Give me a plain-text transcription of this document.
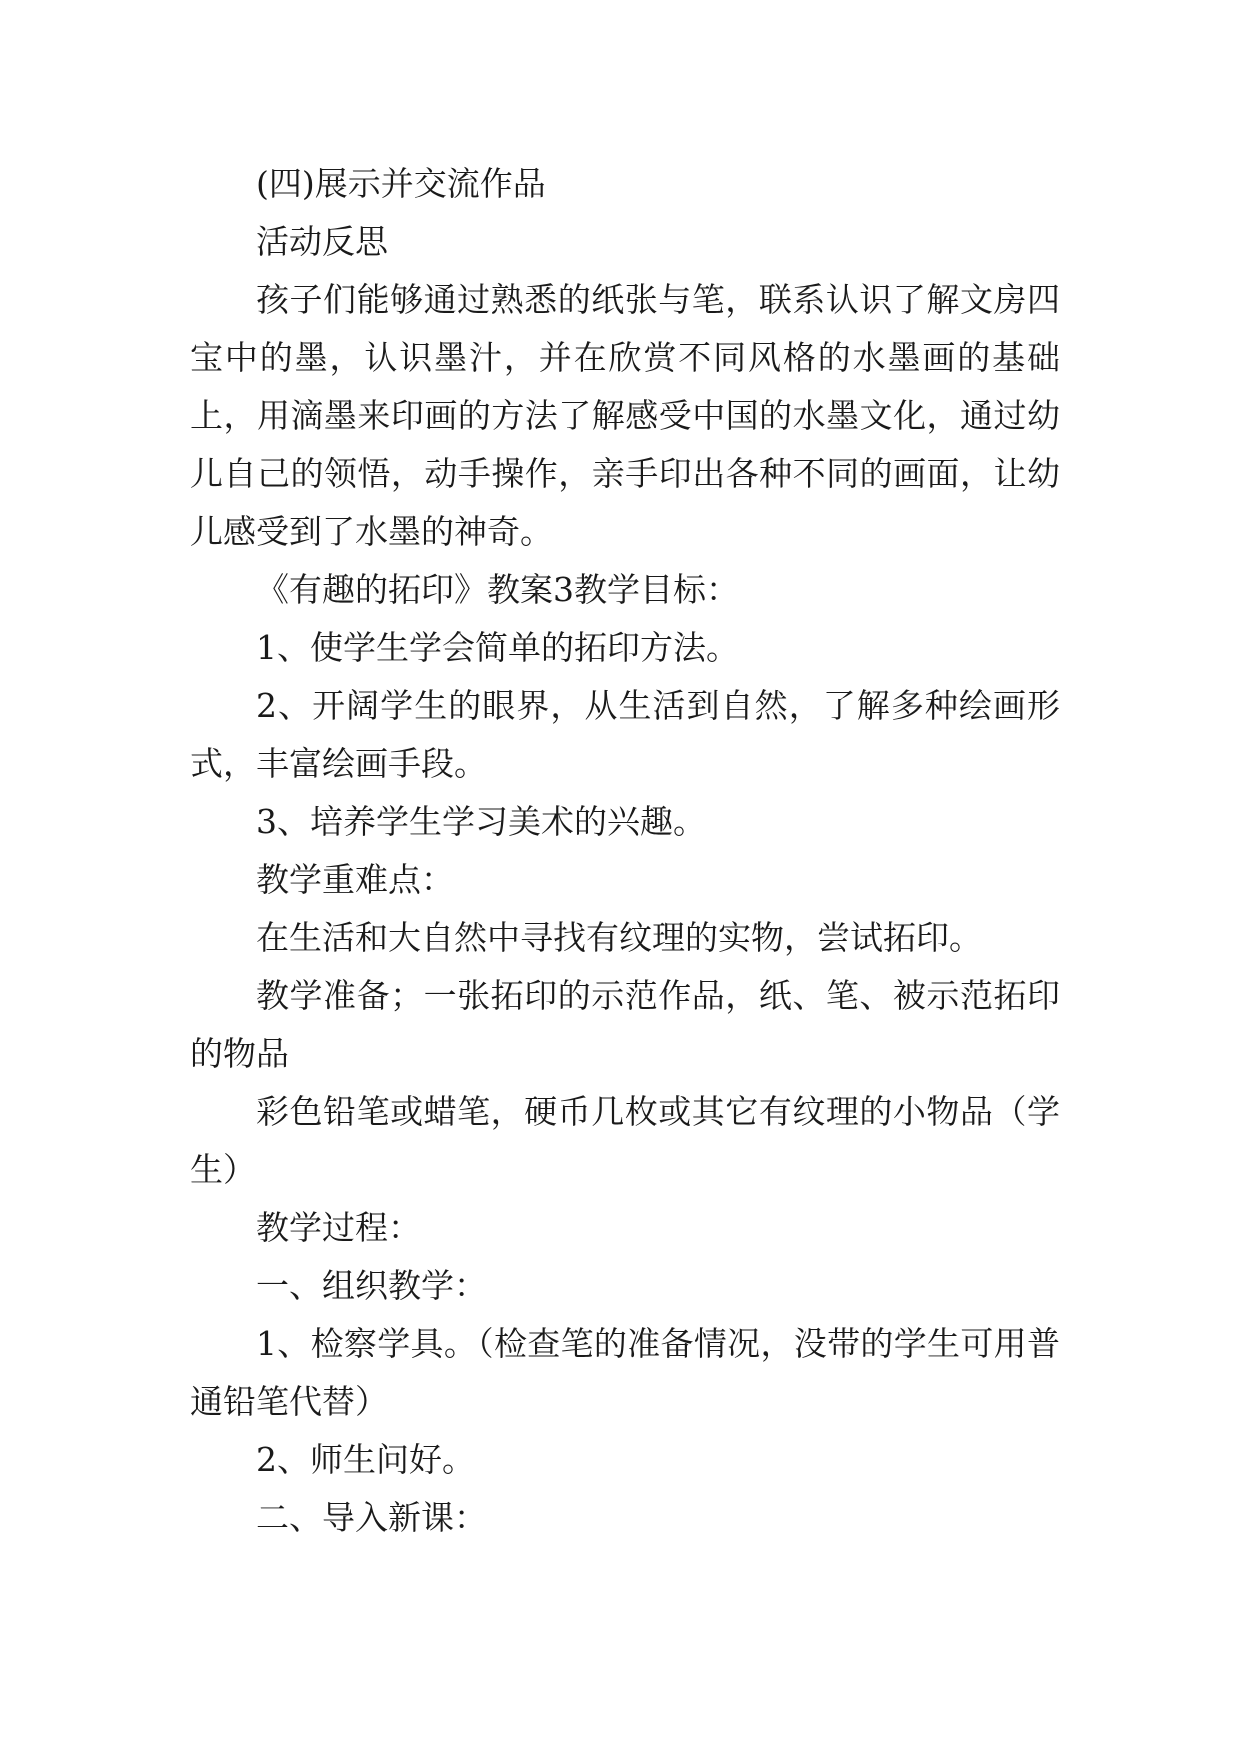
(四)展示并交流作品

活动反思

孩子们能够通过熟悉的纸张与笔，联系认识了解文房四宝中的墨，认识墨汁，并在欣赏不同风格的水墨画的基础上，用滴墨来印画的方法了解感受中国的水墨文化，通过幼儿自己的领悟，动手操作，亲手印出各种不同的画面，让幼儿感受到了水墨的神奇。

《有趣的拓印》教案3教学目标：

1、使学生学会简单的拓印方法。

2、开阔学生的眼界，从生活到自然，了解多种绘画形式，丰富绘画手段。

3、培养学生学习美术的兴趣。

教学重难点：

在生活和大自然中寻找有纹理的实物，尝试拓印。

教学准备；一张拓印的示范作品，纸、笔、被示范拓印的物品

彩色铅笔或蜡笔，硬币几枚或其它有纹理的小物品（学生）

教学过程：

一、组织教学：

1、检察学具。（检查笔的准备情况，没带的学生可用普通铅笔代替）

2、师生问好。

二、导入新课：
